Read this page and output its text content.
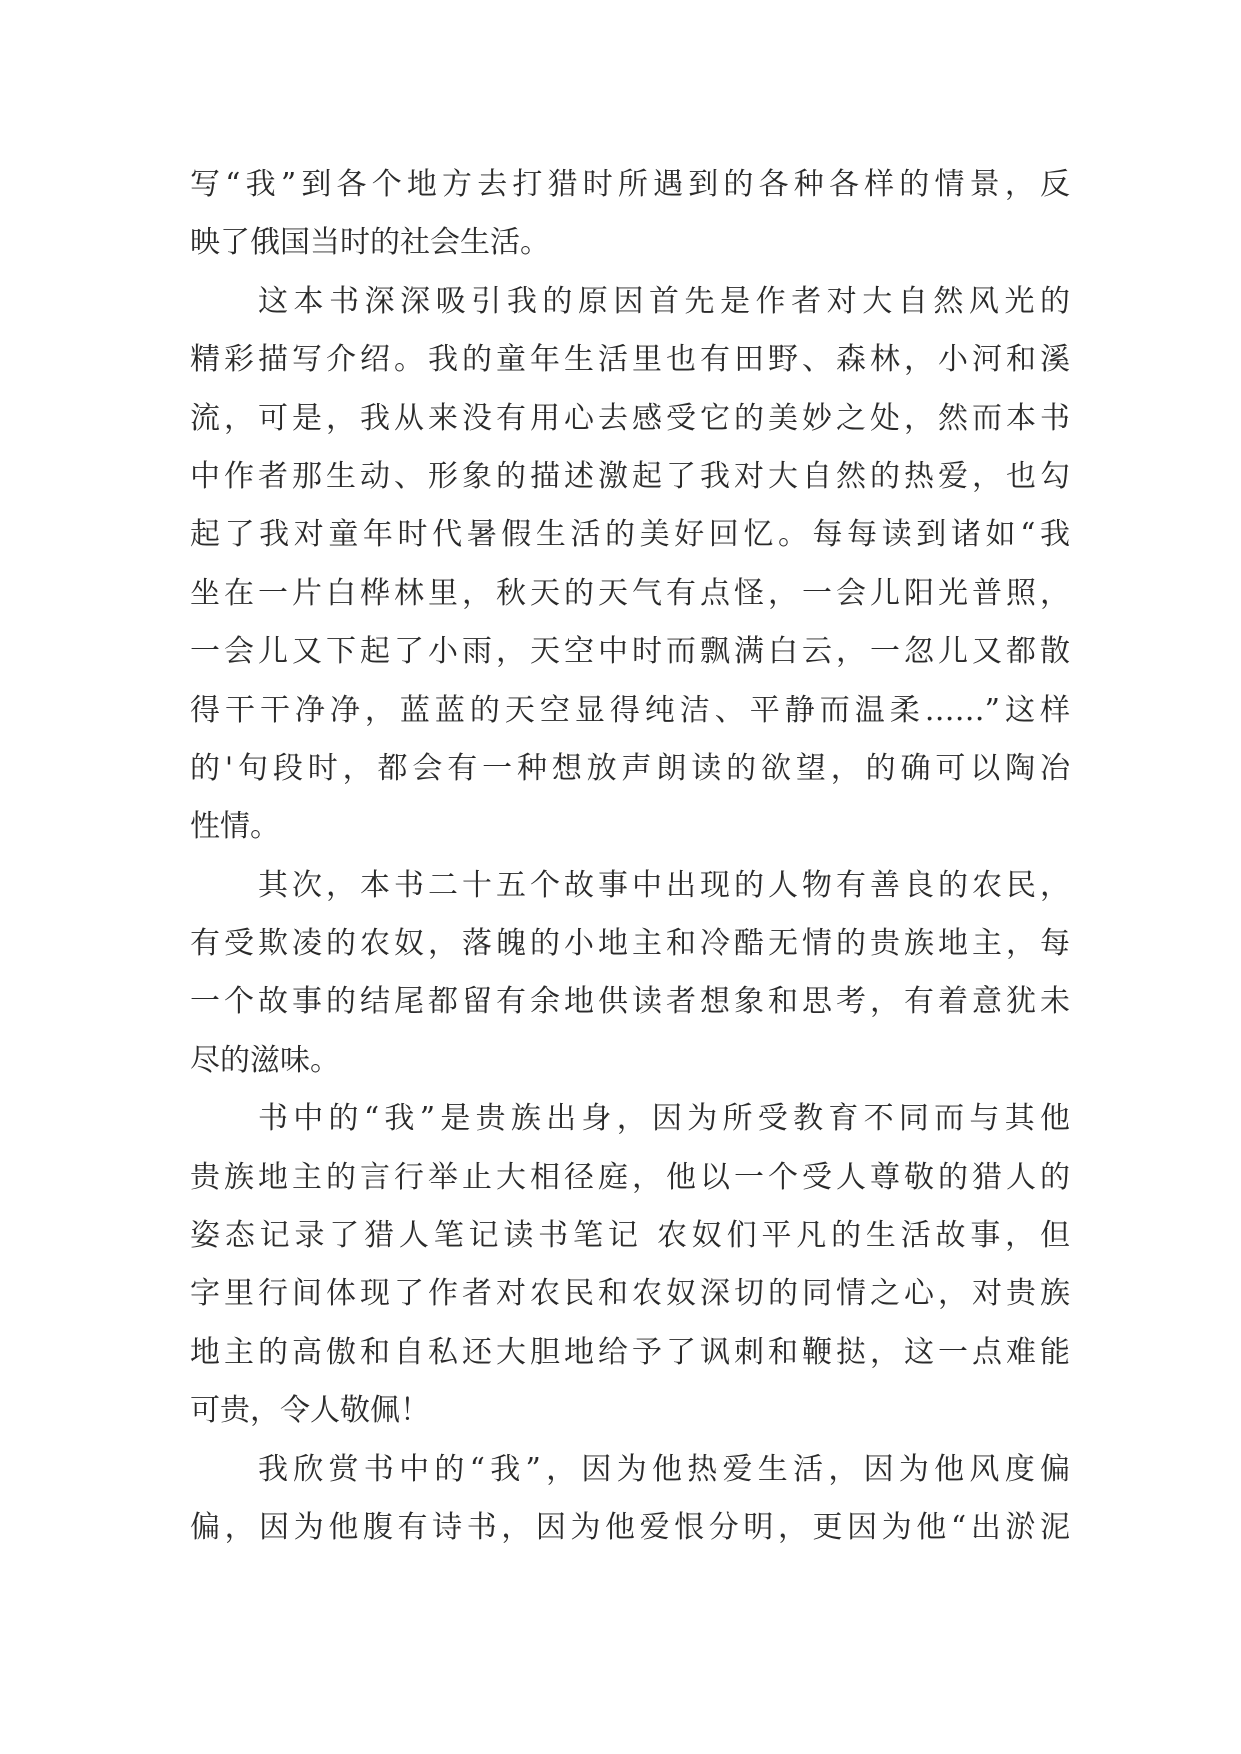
写“我”到各个地方去打猎时所遇到的各种各样的情景，反
映了俄国当时的社会生活。
这本书深深吸引我的原因首先是作者对大自然风光的
精彩描写介绍。我的童年生活里也有田野、森林，小河和溪
流，可是，我从来没有用心去感受它的美妙之处，然而本书
中作者那生动、形象的描述激起了我对大自然的热爱，也勾
起了我对童年时代暑假生活的美好回忆。每每读到诸如“我
坐在一片白桦林里，秋天的天气有点怪，一会儿阳光普照，
一会儿又下起了小雨，天空中时而飘满白云，一忽儿又都散
得干干净净，蓝蓝的天空显得纯洁、平静而温柔……”这样
的'句段时，都会有一种想放声朗读的欲望，的确可以陶冶
性情。
其次，本书二十五个故事中出现的人物有善良的农民，
有受欺凌的农奴，落魄的小地主和冷酷无情的贵族地主，每
一个故事的结尾都留有余地供读者想象和思考，有着意犹未
尽的滋味。
书中的“我”是贵族出身，因为所受教育不同而与其他
贵族地主的言行举止大相径庭，他以一个受人尊敬的猎人的
姿态记录了猎人笔记读书笔记 农奴们平凡的生活故事，但
字里行间体现了作者对农民和农奴深切的同情之心，对贵族
地主的高傲和自私还大胆地给予了讽刺和鞭挞，这一点难能
可贵，令人敬佩！
我欣赏书中的“我”，因为他热爱生活，因为他风度偏
偏，因为他腹有诗书，因为他爱恨分明，更因为他“出淤泥
